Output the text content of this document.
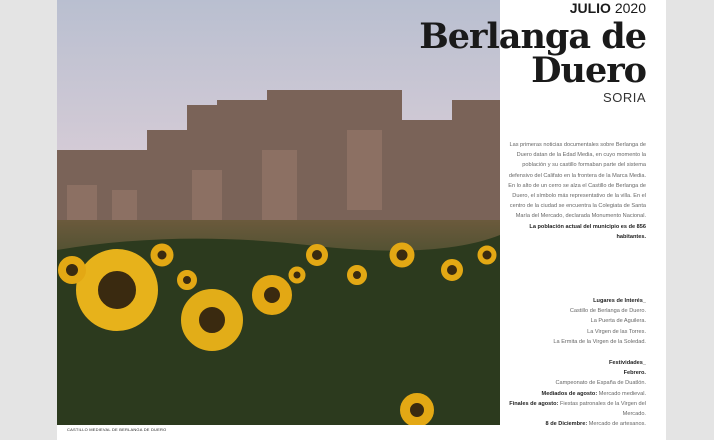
CASTILLO MEDIEVAL DE BERLANGA DE DUERO
JULIO 2020
Berlanga de
Duero
SORIA

Las primeras noticias documentales sobre Berlanga de Duero datan de la Edad Media, en cuyo momento la población y su castillo formaban parte del sistema defensivo del Califato en la frontera de la Marca Media.

En lo alto de un cerro se alza el Castillo de Berlanga de Duero, el símbolo más representativo de la villa. En el centro de la ciudad se encuentra la Colegiata de Santa María del Mercado, declarada Monumento Nacional.

La población actual del municipio es de 856 habitantes.

Lugares de Interés_

Castillo de Berlanga de Duero.

La Puerta de Aguilera.

La Virgen de las Torres.

La Ermita de la Virgen de la Soledad.

Festividades_

Febrero.

Campeonato de España de Duatlón.

Mediados de agosto: Mercado medieval.

Finales de agosto: Fiestas patronales de la Virgen del Mercado.

8 de Diciembre: Mercado de artesanos.
